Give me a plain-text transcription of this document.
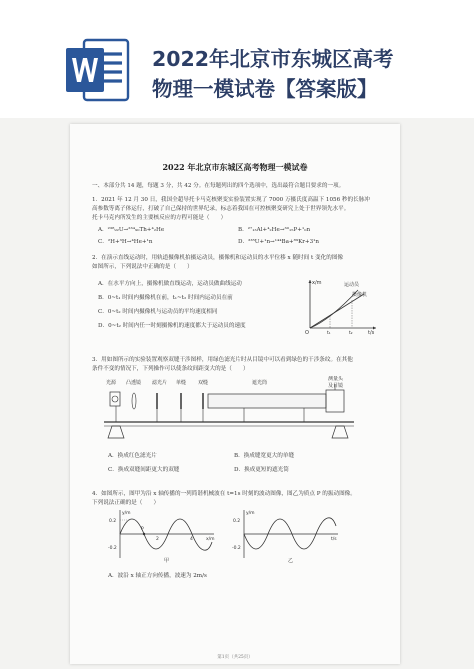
2022年北京市东城区高考
物理一模试卷【答案版】
2022 年北京市东城区高考物理一模试卷
一、本部分共 14 题，每题 3 分，共 42 分。在每题列出的四个选项中，选出最符合题目要求的一项。
1．2021 年 12 月 30 日，我国全超导托卡马克核聚变实验装置实现了 7000 万摄氏度高温下 1056 秒的长脉冲
高参数等离子体运行，打破了自己保持的世界纪录，标志着我国在可控核聚变研究上处于世界领先水平。
托卡马克内所发生的主要核反应的方程可能是（　　）
A．²³⁸₉₂U→²³⁴₉₀Th+⁴₂He	B．²⁷₁₃Al+⁴₂He→³⁰₁₅P+¹₀n
C．²H+³H→⁴He+¹n	D．²³⁵U+¹n→¹⁴⁴Ba+⁸⁹Kr+3¹n
2．在演示直线运动时，用轨道摄像机拍摄运动员，摄像机和运动员的水平位移 x 随时间 t 变化的图像
如图所示，下列说法中正确的是（　　）
A．在水平方向上，摄像机做直线运动，运动员做曲线运动
B．0~t₁ 时间内摄像机在前，t₁~t₂ 时间内运动员在前
C．0~t₂ 时间内摄像机与运动员的平均速度相同
D．0~t₂ 时间内任一时刻摄像机的速度都大于运动员的速度
x/m
t/s
O	t₁	t₂
运动员
摄像机
3．用如图所示的实验装置观察双缝干涉图样，用绿色滤光片时从目镜中可以看到绿色的干涉条纹。在其他
条件不变的情况下，下列操作可以使条纹间距变大的是（　　）
光源 凸透镜 滤光片 单缝 双缝	遮光筒
测量头
及目镜
A．换成红色滤光片	B．换成缝宽更大的单缝
C．换成双缝间距更大的双缝	D．换成更短的遮光筒
4．如图所示，图甲为沿 x 轴传播的一列简谐机械波在 t=1s 时刻的波动图像，图乙为质点 P 的振动图像。
下列说法正确的是（　　）
y/m
x/m
0.2
-0.2
2	4
P
甲
y/m
t/s
0.2
-0.2
乙
A．波沿 x 轴正方向传播，波速为 2m/s
第1页（共25页）
